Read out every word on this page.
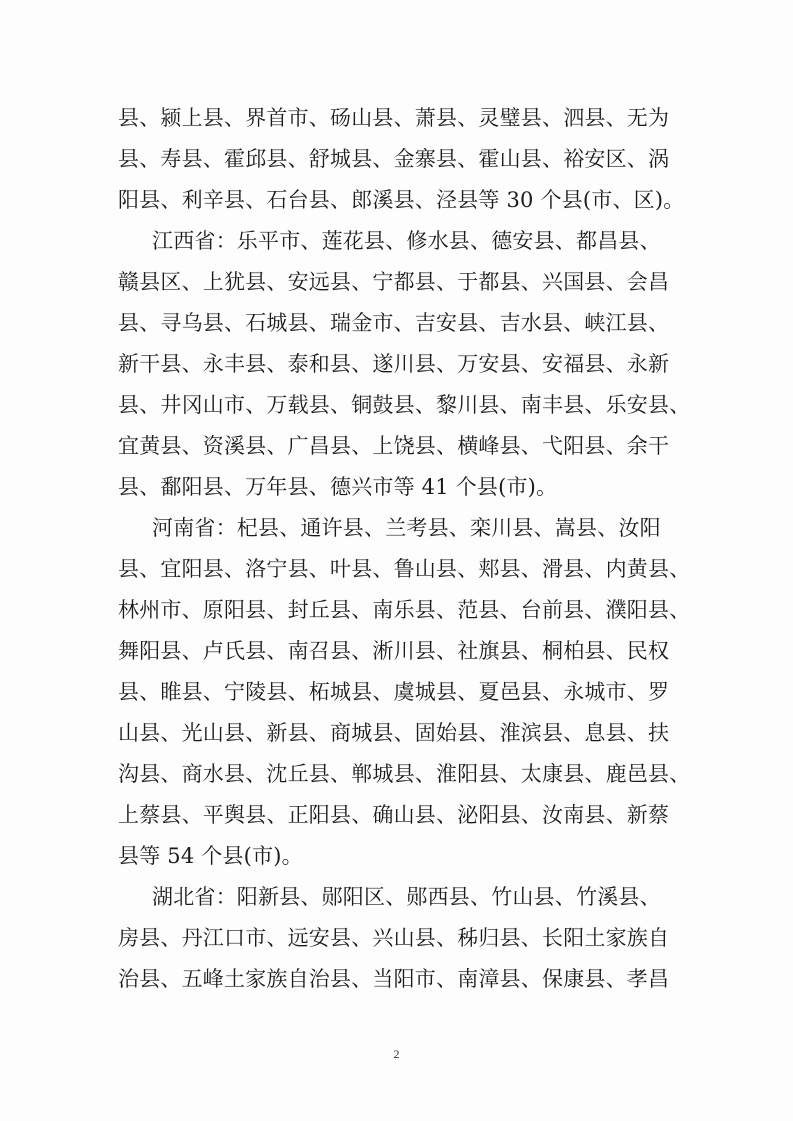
县、颍上县、界首市、砀山县、萧县、灵璧县、泗县、无为
县、寿县、霍邱县、舒城县、金寨县、霍山县、裕安区、涡
阳县、利辛县、石台县、郎溪县、泾县等 30 个县(市、区)。
江西省：乐平市、莲花县、修水县、德安县、都昌县、
赣县区、上犹县、安远县、宁都县、于都县、兴国县、会昌
县、寻乌县、石城县、瑞金市、吉安县、吉水县、峡江县、
新干县、永丰县、泰和县、遂川县、万安县、安福县、永新
县、井冈山市、万载县、铜鼓县、黎川县、南丰县、乐安县、
宜黄县、资溪县、广昌县、上饶县、横峰县、弋阳县、余干
县、鄱阳县、万年县、德兴市等 41 个县(市)。
河南省：杞县、通许县、兰考县、栾川县、嵩县、汝阳
县、宜阳县、洛宁县、叶县、鲁山县、郏县、滑县、内黄县、
林州市、原阳县、封丘县、南乐县、范县、台前县、濮阳县、
舞阳县、卢氏县、南召县、淅川县、社旗县、桐柏县、民权
县、睢县、宁陵县、柘城县、虞城县、夏邑县、永城市、罗
山县、光山县、新县、商城县、固始县、淮滨县、息县、扶
沟县、商水县、沈丘县、郸城县、淮阳县、太康县、鹿邑县、
上蔡县、平舆县、正阳县、确山县、泌阳县、汝南县、新蔡
县等 54 个县(市)。
湖北省：阳新县、郧阳区、郧西县、竹山县、竹溪县、
房县、丹江口市、远安县、兴山县、秭归县、长阳土家族自
治县、五峰土家族自治县、当阳市、南漳县、保康县、孝昌
2
